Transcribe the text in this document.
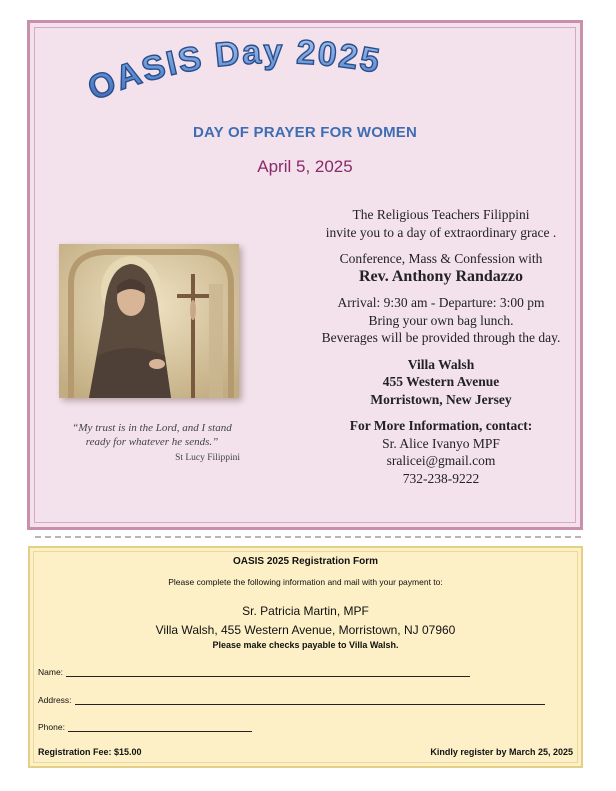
OASIS Day 2025
DAY OF PRAYER FOR WOMEN
April 5, 2025
“My trust is in the Lord, and I stand
ready for whatever he sends.”
St Lucy Filippini

The Religious Teachers Filippini

invite you to a day of extraordinary grace .

Conference, Mass & Confession with

Rev. Anthony Randazzo

Arrival: 9:30 am - Departure: 3:00 pm

Bring your own bag lunch.

Beverages will be provided through the day.

Villa Walsh

455 Western Avenue

Morristown, New Jersey

For More Information, contact:

Sr. Alice Ivanyo MPF

sralicei@gmail.com

732-238-9222

OASIS 2025 Registration Form
Please complete the following information and mail with your payment to:
Sr. Patricia Martin, MPF
Villa Walsh, 455 Western Avenue, Morristown, NJ 07960
Please make checks payable to Villa Walsh.
Name:
Address:
Phone:
Registration Fee: $15.00	Kindly register by March 25, 2025
